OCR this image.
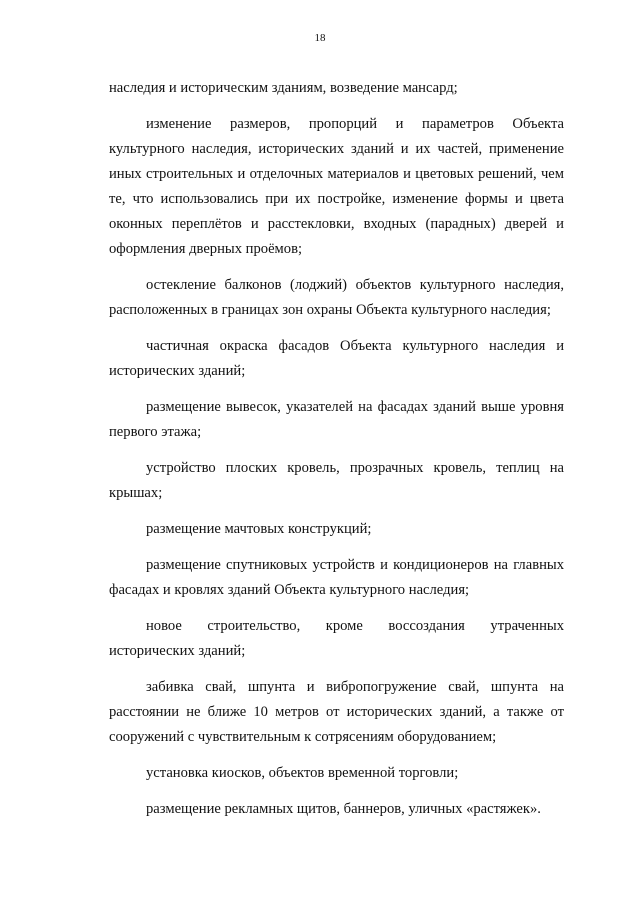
18

наследия и историческим зданиям, возведение мансард;

изменение размеров, пропорций и параметров Объекта культурного наследия, исторических зданий и их частей, применение иных строительных и отделочных материалов и цветовых решений, чем те, что использовались при их постройке, изменение формы и цвета оконных переплётов и расстекловки, входных (парадных) дверей и оформления дверных проёмов;

остекление балконов (лоджий) объектов культурного наследия, расположенных в границах зон охраны Объекта культурного наследия;

частичная окраска фасадов Объекта культурного наследия и исторических зданий;

размещение вывесок, указателей на фасадах зданий выше уровня первого этажа;

устройство плоских кровель, прозрачных кровель, теплиц на крышах;

размещение мачтовых конструкций;

размещение спутниковых устройств и кондиционеров на главных фасадах и кровлях зданий Объекта культурного наследия;

новое строительство, кроме воссоздания утраченных исторических зданий;

забивка свай, шпунта и вибропогружение свай, шпунта на расстоянии не ближе 10 метров от исторических зданий, а также от сооружений с чувствительным к сотрясениям оборудованием;

установка киосков, объектов временной торговли;

размещение рекламных щитов, баннеров, уличных «растяжек».
